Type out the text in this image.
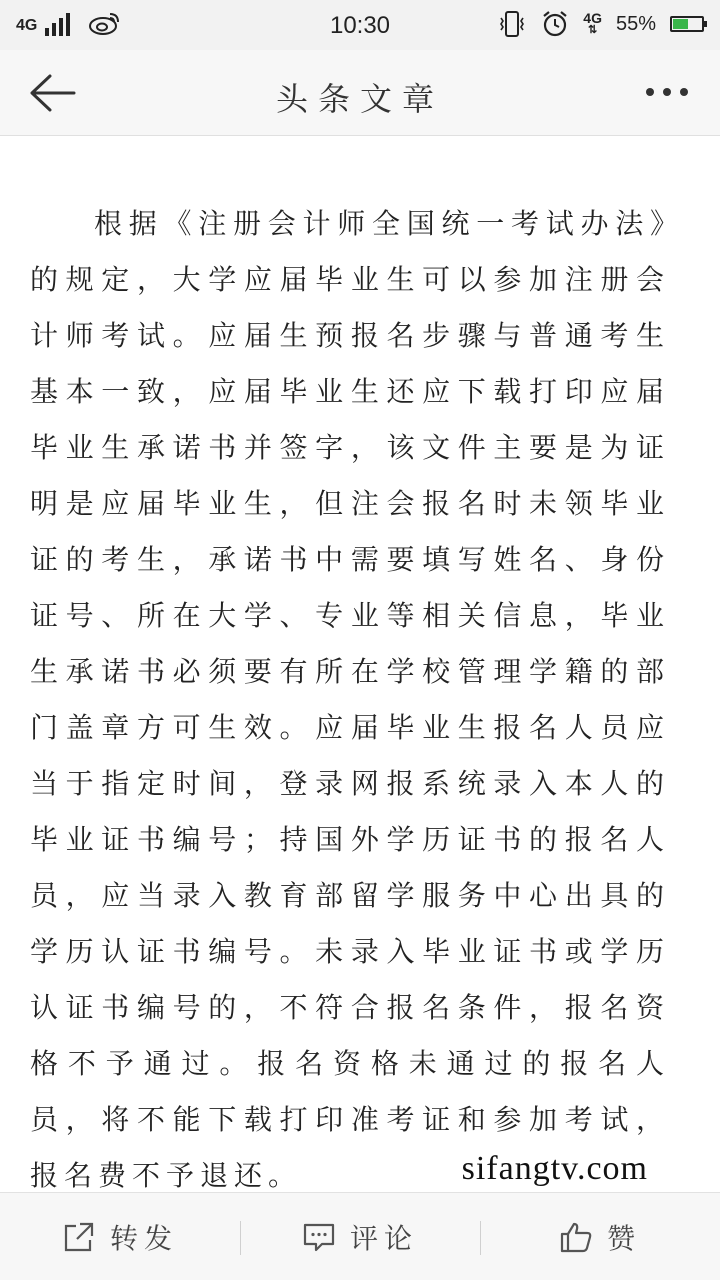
4G	10:30	4G
⇅ 55%
头条文章
根据《注册会计师全国统一考试办法》的规定，大学应届毕业生可以参加注册会计师考试。应届生预报名步骤与普通考生基本一致，应届毕业生还应下载打印应届毕业生承诺书并签字，该文件主要是为证明是应届毕业生，但注会报名时未领毕业证的考生，承诺书中需要填写姓名、身份证号、所在大学、专业等相关信息，毕业生承诺书必须要有所在学校管理学籍的部门盖章方可生效。应届毕业生报名人员应当于指定时间，登录网报系统录入本人的毕业证书编号；持国外学历证书的报名人员，应当录入教育部留学服务中心出具的学历认证书编号。未录入毕业证书或学历认证书编号的，不符合报名条件，报名资格不予通过。报名资格未通过的报名人员，将不能下载打印准考证和参加考试，报名费不予退还。	sifangtv.com
转发	评论	赞
